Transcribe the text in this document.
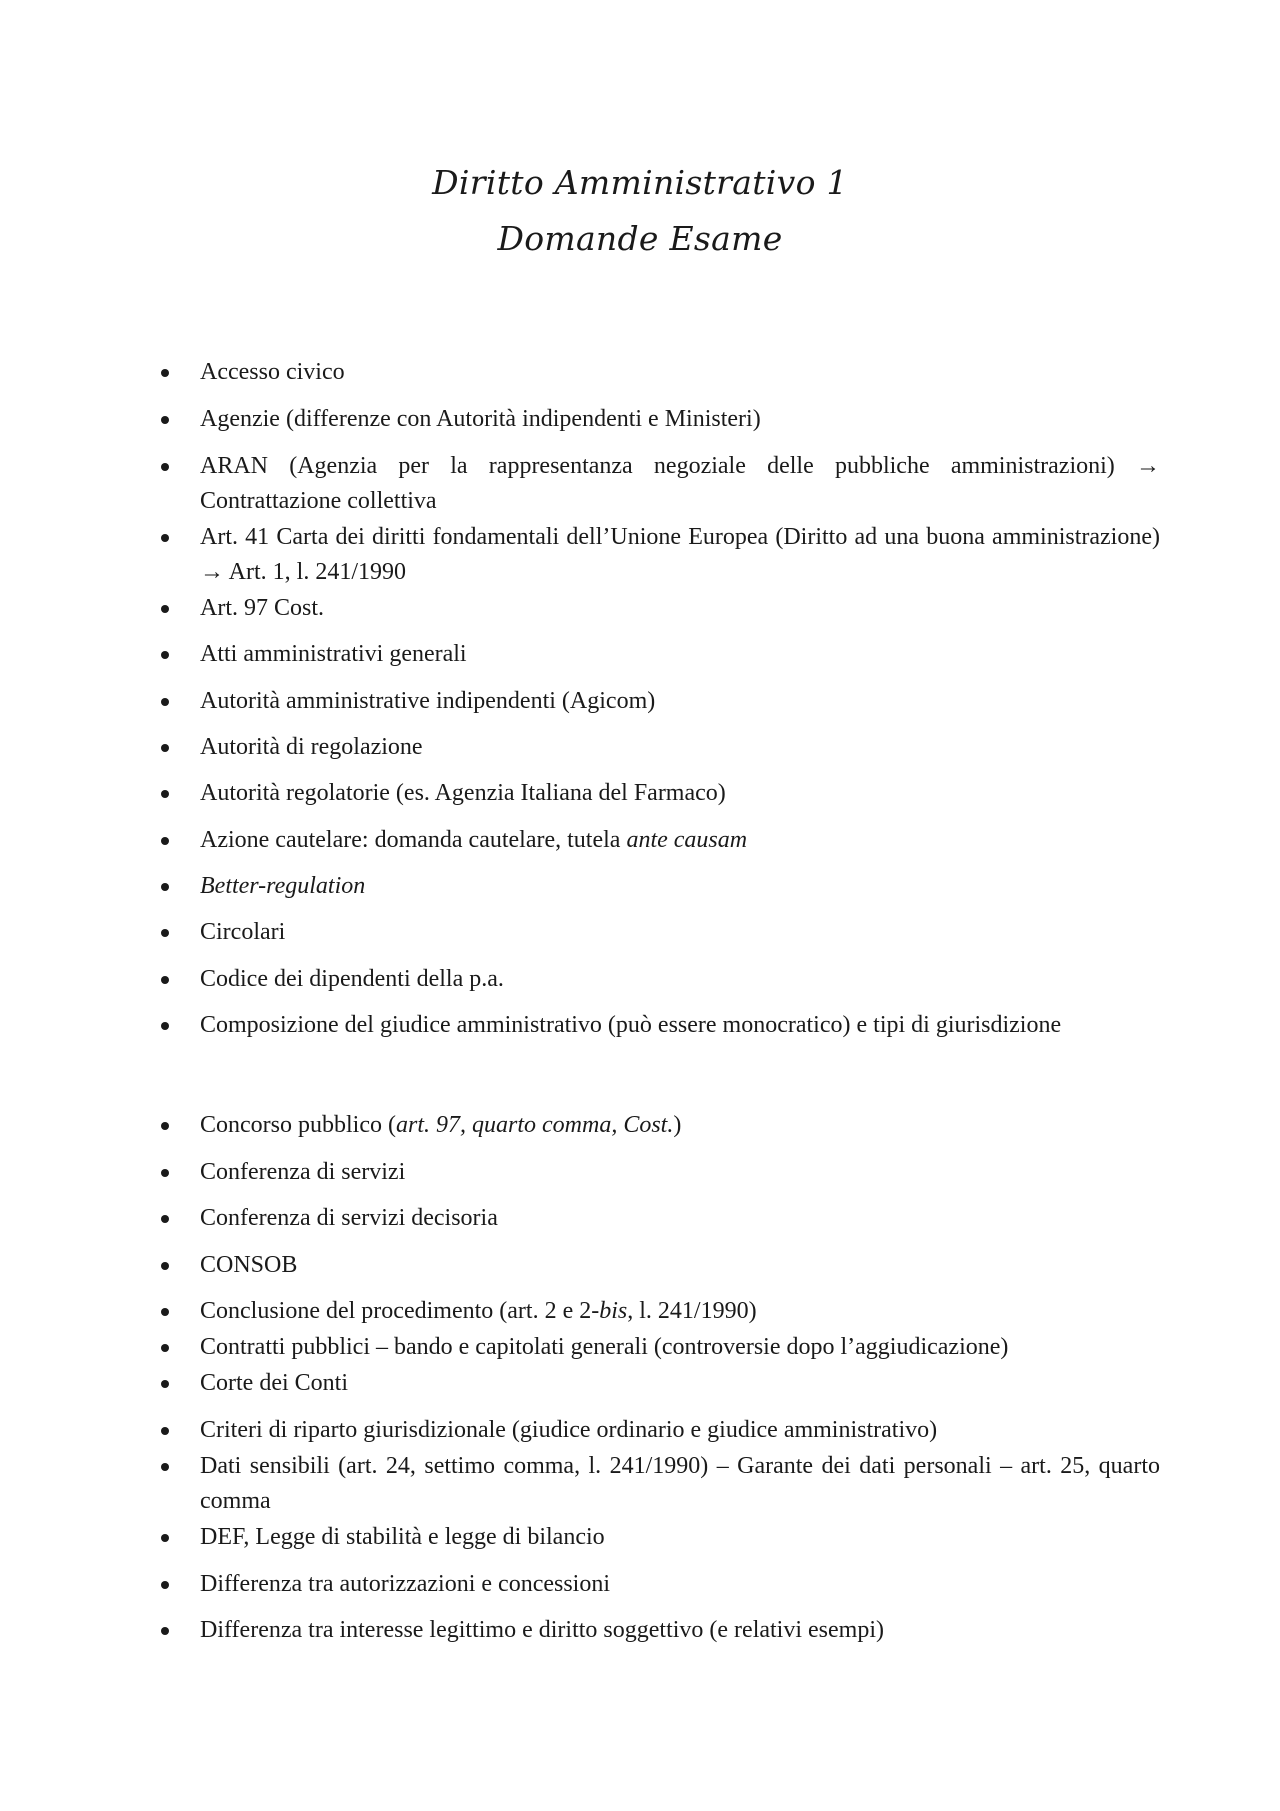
Diritto Amministrativo 1
Domande Esame
Accesso civico
Agenzie (differenze con Autorità indipendenti e Ministeri)
ARAN (Agenzia per la rappresentanza negoziale delle pubbliche amministrazioni) → Contrattazione collettiva
Art. 41 Carta dei diritti fondamentali dell’Unione Europea (Diritto ad una buona amministrazione) → Art. 1, l. 241/1990
Art. 97 Cost.
Atti amministrativi generali
Autorità amministrative indipendenti (Agicom)
Autorità di regolazione
Autorità regolatorie (es. Agenzia Italiana del Farmaco)
Azione cautelare: domanda cautelare, tutela ante causam
Better-regulation
Circolari
Codice dei dipendenti della p.a.
Composizione del giudice amministrativo (può essere monocratico) e tipi di giurisdizione
Concorso pubblico (art. 97, quarto comma, Cost.)
Conferenza di servizi
Conferenza di servizi decisoria
CONSOB
Conclusione del procedimento (art. 2 e 2-bis, l. 241/1990)
Contratti pubblici – bando e capitolati generali (controversie dopo l’aggiudicazione)
Corte dei Conti
Criteri di riparto giurisdizionale (giudice ordinario e giudice amministrativo)
Dati sensibili (art. 24, settimo comma, l. 241/1990) – Garante dei dati personali – art. 25, quarto comma
DEF, Legge di stabilità e legge di bilancio
Differenza tra autorizzazioni e concessioni
Differenza tra interesse legittimo e diritto soggettivo (e relativi esempi)
